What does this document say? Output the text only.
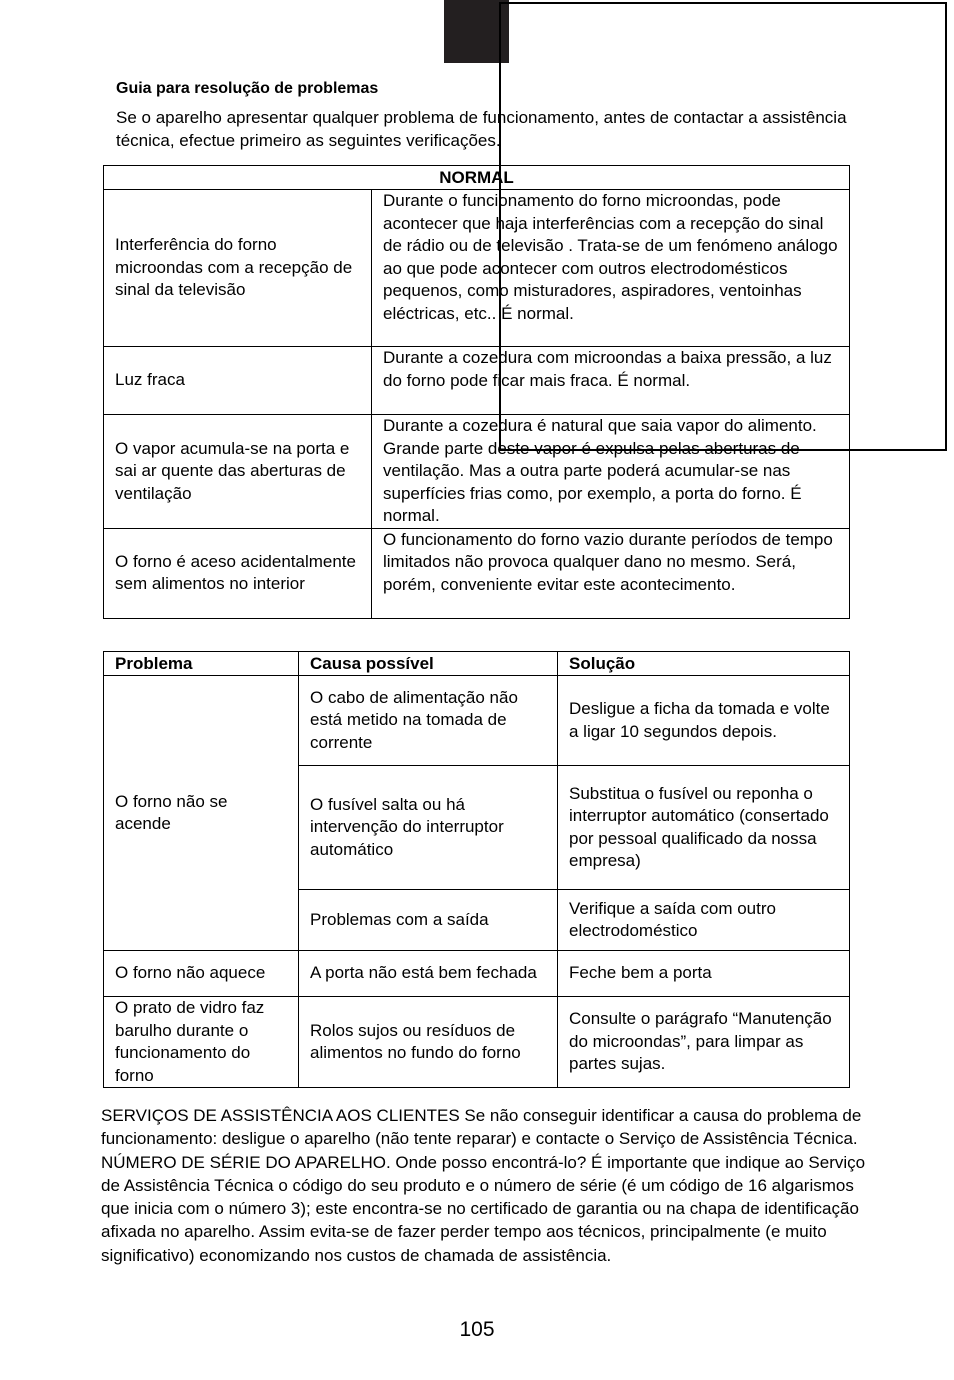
Guia para resolução de problemas
Se o aparelho apresentar qualquer problema de funcionamento, antes de contactar a assistência técnica, efectue primeiro as seguintes verificações.
NORMAL	
Interferência do forno microondas com a recepção de sinal da televisão	Durante o funcionamento do forno microondas, pode acontecer que haja interferências com a recepção do sinal de rádio ou de televisão . Trata-se de um fenómeno análogo ao que pode acontecer com outros electrodomésticos pequenos, como misturadores, aspiradores, ventoinhas eléctricas, etc.. É normal.
Luz fraca	Durante a cozedura com microondas a baixa pressão, a luz do forno pode ficar mais fraca. É normal.
O vapor acumula-se na porta e sai ar quente das aberturas de ventilação	Durante a cozedura é natural que saia vapor do alimento. Grande parte deste vapor é expulsa pelas aberturas de ventilação. Mas a outra parte poderá acumular-se nas superfícies frias como, por exemplo, a porta do forno. É normal.
O forno é aceso acidentalmente sem alimentos no interior	O funcionamento do forno vazio durante períodos de tempo limitados não provoca qualquer dano no mesmo. Será, porém, conveniente evitar este acontecimento.
Problema	Causa possível	Solução
O forno não se acende	O cabo de alimentação não está metido na tomada de corrente	Desligue a ficha da tomada e volte a ligar 10 segundos depois.
	O fusível salta ou há intervenção do interruptor automático	Substitua o fusível ou reponha o interruptor automático (consertado por pessoal qualificado da nossa empresa)
	Problemas com a saída	Verifique a saída com outro electrodoméstico
O forno não aquece	A porta não está bem fechada	Feche bem a porta
O prato de vidro faz barulho durante o funcionamento do forno	Rolos sujos ou resíduos de alimentos no fundo do forno	Consulte o parágrafo “Manutenção do microondas”, para limpar as partes sujas.
SERVIÇOS DE ASSISTÊNCIA AOS CLIENTES Se não conseguir identificar a causa do problema de funcionamento: desligue o aparelho (não tente reparar) e contacte o Serviço de Assistência Técnica. NÚMERO DE SÉRIE DO APARELHO. Onde posso encontrá-lo? É importante que indique ao Serviço de Assistência Técnica o código do seu produto e o número de série (é um código de 16 algarismos que inicia com o número 3); este encontra-se no certificado de garantia ou na chapa de identificação afixada no aparelho. Assim evita-se de fazer perder tempo aos técnicos, principalmente (e muito significativo) economizando nos custos de chamada de assistência.
105
